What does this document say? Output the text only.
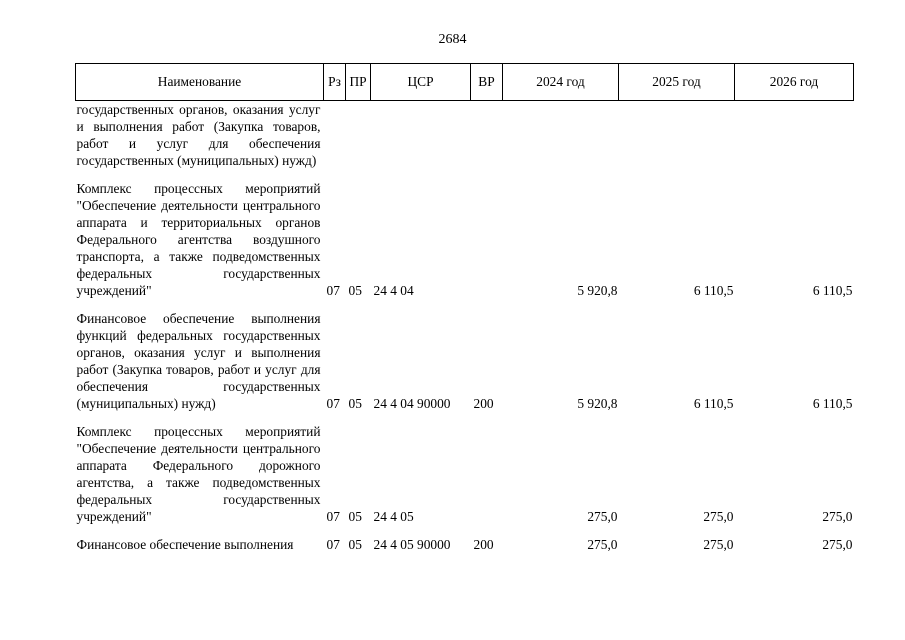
2684
Наименование	Рз	ПР	ЦСР	ВР	2024 год	2025 год	2026 год
государственных органов, оказания услуг и выполнения работ (Закупка товаров, работ и услуг для обеспечения государственных (муниципальных) нужд)							
Комплекс процессных мероприятий "Обеспечение деятельности центрального аппарата и территориальных органов Федерального агентства воздушного транспорта, а также подведомственных федеральных государственных учреждений"	07	05	24 4 04		5 920,8	6 110,5	6 110,5
Финансовое обеспечение выполнения функций федеральных государственных органов, оказания услуг и выполнения работ (Закупка товаров, работ и услуг для обеспечения государственных (муниципальных) нужд)	07	05	24 4 04 90000	200	5 920,8	6 110,5	6 110,5
Комплекс процессных мероприятий "Обеспечение деятельности центрального аппарата Федерального дорожного агентства, а также подведомственных федеральных государственных учреждений"	07	05	24 4 05		275,0	275,0	275,0
Финансовое обеспечение выполнения	07	05	24 4 05 90000	200	275,0	275,0	275,0
